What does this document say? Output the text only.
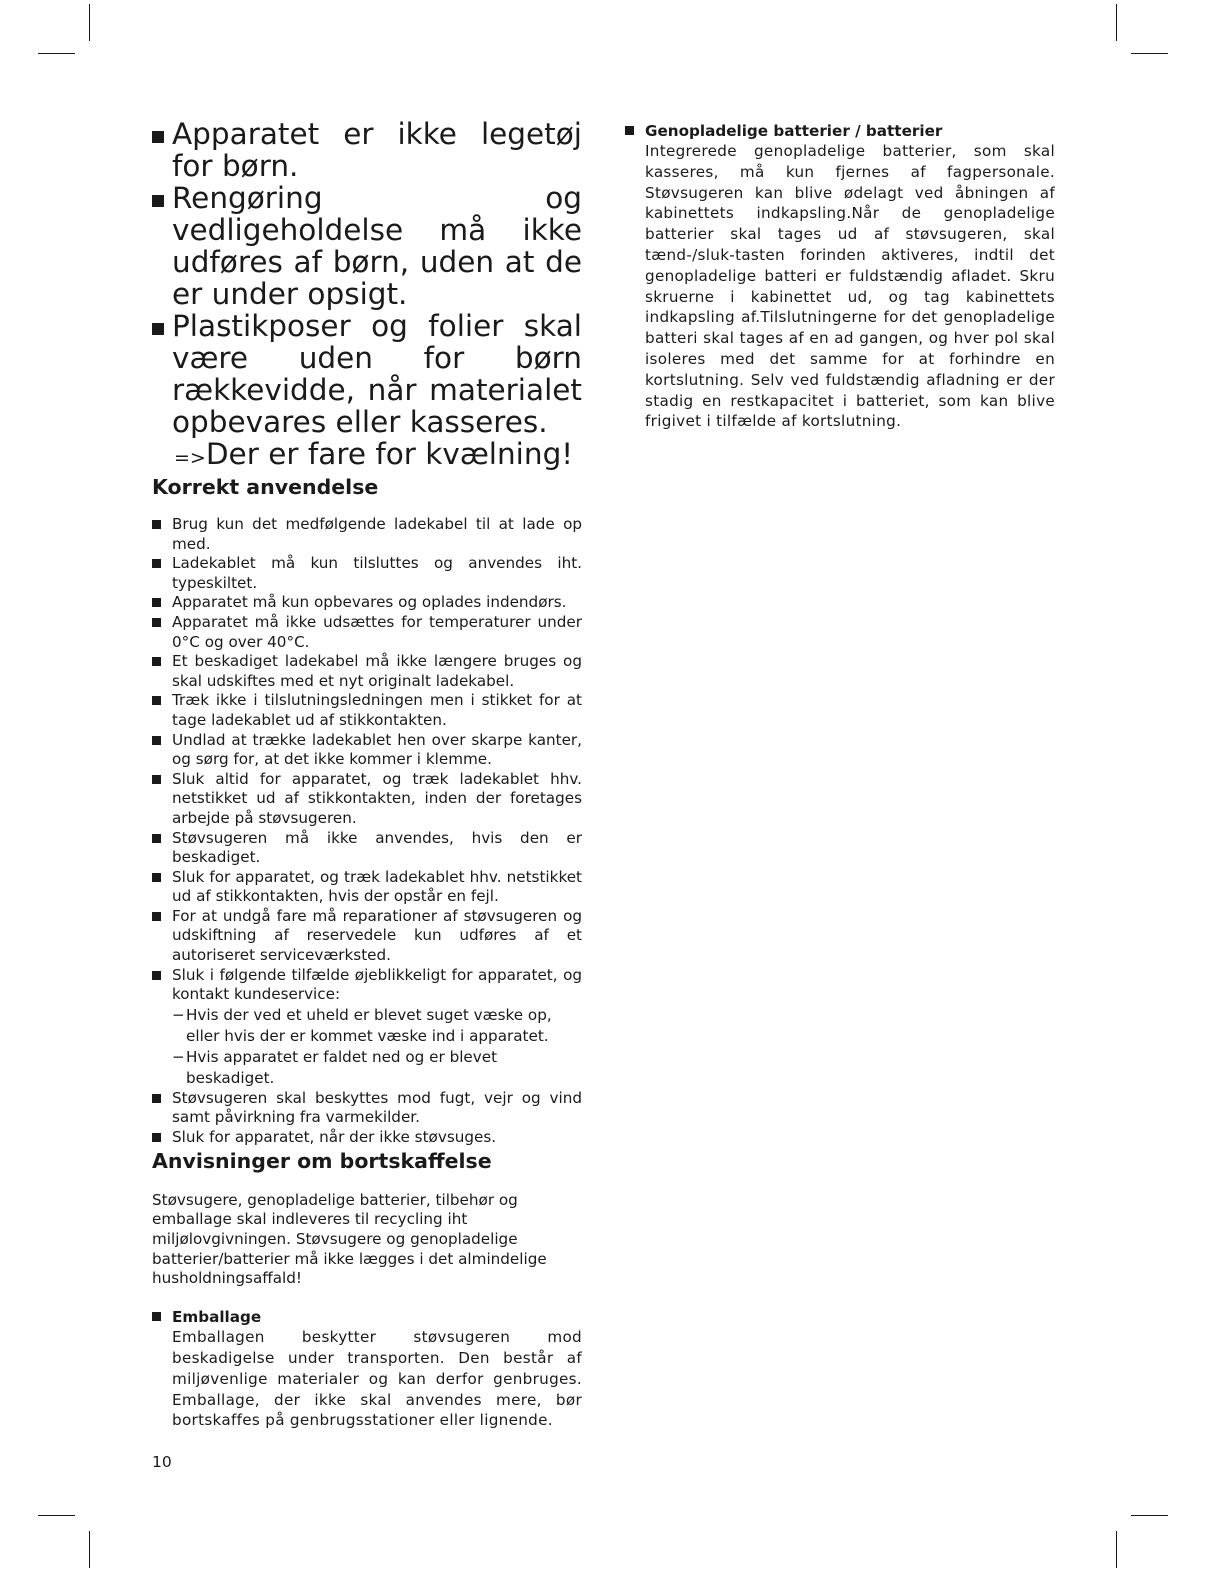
Apparatet er ikke legetøj for børn.
Rengøring og vedligeholdelse må ikke udføres af børn, uden at de er under opsigt.
Plastikposer og folier skal være uden for børn rækkevidde, når materialet opbevares eller kasseres.
=>Der er fare for kvælning!
Korrekt anvendelse
Brug kun det medfølgende ladekabel til at lade op med.
Ladekablet må kun tilsluttes og anvendes iht. typeskiltet.
Apparatet må kun opbevares og oplades indendørs.
Apparatet må ikke udsættes for temperaturer under 0°C og over 40°C.
Et beskadiget ladekabel må ikke længere bruges og skal udskiftes med et nyt originalt ladekabel.
Træk ikke i tilslutningsledningen men i stikket for at tage ladekablet ud af stikkontakten.
Undlad at trække ladekablet hen over skarpe kanter, og sørg for, at det ikke kommer i klemme.
Sluk altid for apparatet, og træk ladekablet hhv. netstikket ud af stikkontakten, inden der foretages arbejde på støvsugeren.
Støvsugeren må ikke anvendes, hvis den er beskadiget.
Sluk for apparatet, og træk ladekablet hhv. netstikket ud af stikkontakten, hvis der opstår en fejl.
For at undgå fare må reparationer af støvsugeren og udskiftning af reservedele kun udføres af et autoriseret serviceværksted.
Sluk i følgende tilfælde øjeblikkeligt for apparatet, og kontakt kundeservice:
− Hvis der ved et uheld er blevet suget væske op, eller hvis der er kommet væske ind i apparatet.
− Hvis apparatet er faldet ned og er blevet beskadiget.
Støvsugeren skal beskyttes mod fugt, vejr og vind samt påvirkning fra varmekilder.
Sluk for apparatet, når der ikke støvsuges.
Anvisninger om bortskaffelse

Støvsugere, genopladelige batterier, tilbehør og emballage skal indleveres til recycling iht miljølovgivningen. Støvsugere og genopladelige batterier/batterier må ikke lægges i det almindelige husholdningsaffald!

Emballage
Emballagen beskytter støvsugeren mod beskadigelse under transporten. Den består af miljøvenlige materialer og kan derfor genbruges. Emballage, der ikke skal anvendes mere, bør bortskaffes på genbrugsstationer eller lignende.
Genopladelige batterier / batterier
Integrerede genopladelige batterier, som skal kasseres, må kun fjernes af fagpersonale. Støvsugeren kan blive ødelagt ved åbningen af kabinettets indkapsling.Når de genopladelige batterier skal tages ud af støvsugeren, skal tænd-/sluk-tasten forinden aktiveres, indtil det genopladelige batteri er fuldstændig afladet. Skru skruerne i kabinettet ud, og tag kabinettets indkapsling af.Tilslutningerne for det genopladelige batteri skal tages af en ad gangen, og hver pol skal isoleres med det samme for at forhindre en kortslutning. Selv ved fuldstændig afladning er der stadig en restkapacitet i batteriet, som kan blive frigivet i tilfælde af kortslutning.
10
